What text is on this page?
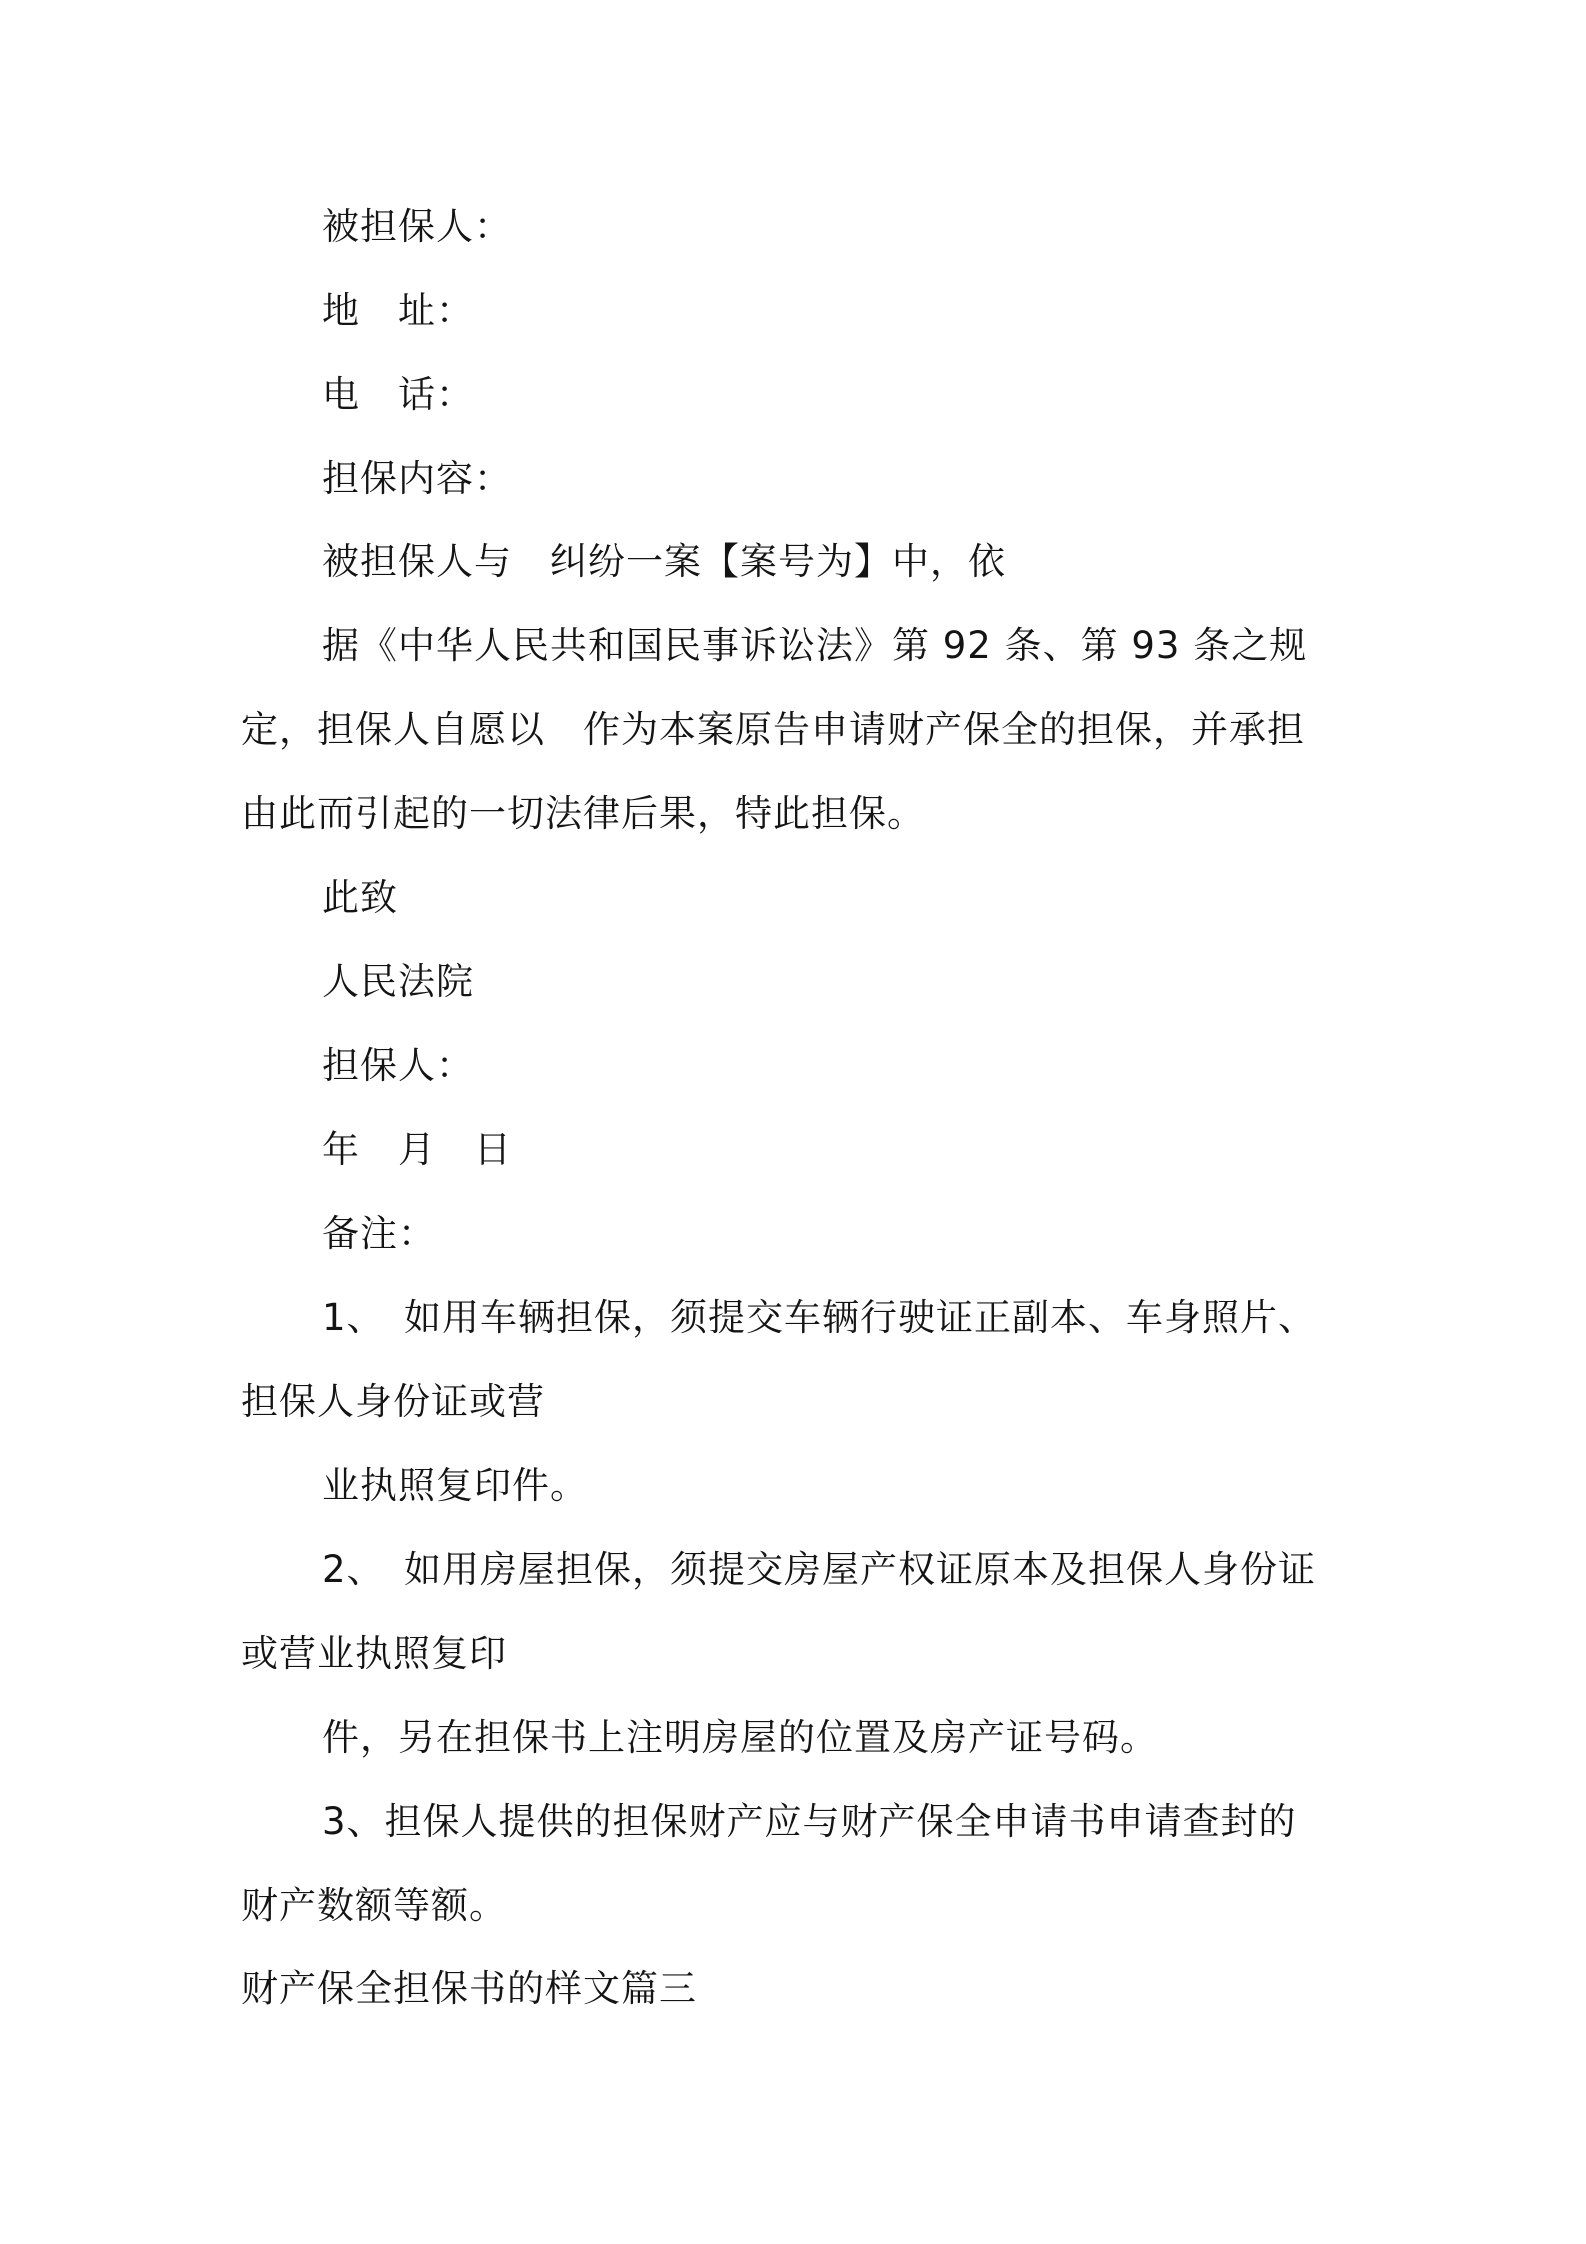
被担保人：
地　址：
电　话：
担保内容：
被担保人与　纠纷一案【案号为】中，依
据《中华人民共和国民事诉讼法》第 92 条、第 93 条之规
定，担保人自愿以　作为本案原告申请财产保全的担保，并承担
由此而引起的一切法律后果，特此担保。
此致
人民法院
担保人：
年　月　日
备注：
1、　如用车辆担保，须提交车辆行驶证正副本、车身照片、
担保人身份证或营
业执照复印件。
2、　如用房屋担保，须提交房屋产权证原本及担保人身份证
或营业执照复印
件，另在担保书上注明房屋的位置及房产证号码。
3、担保人提供的担保财产应与财产保全申请书申请查封的
财产数额等额。
财产保全担保书的样文篇三
